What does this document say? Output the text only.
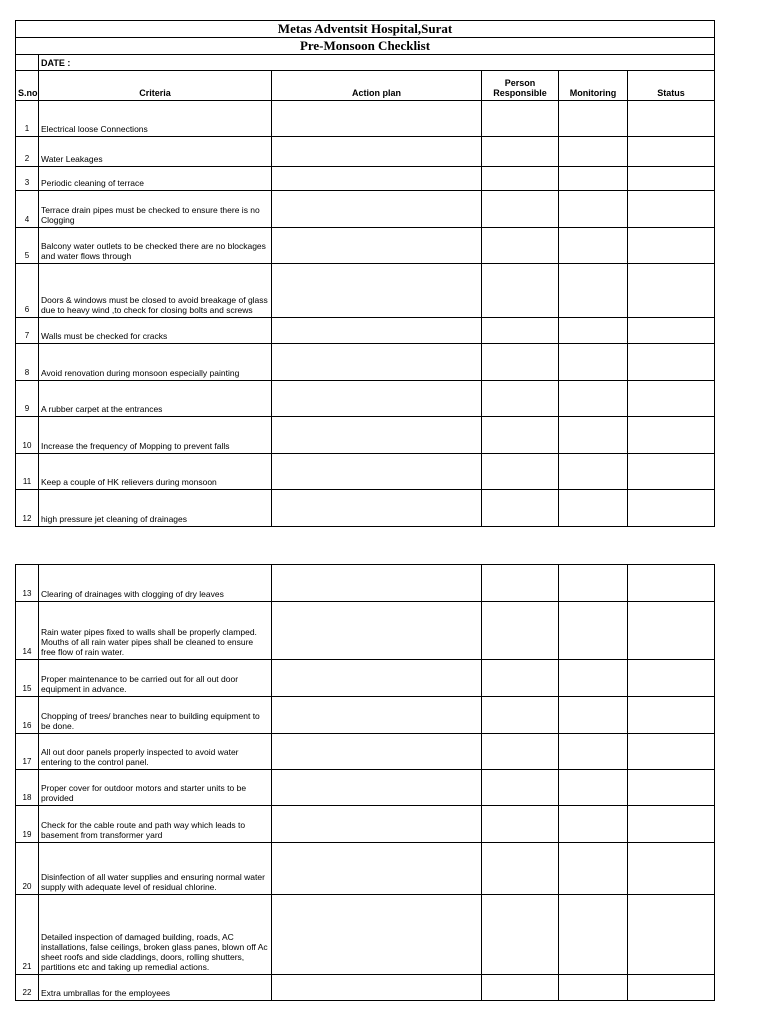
Metas Adventsit Hospital,Surat					
Pre-Monsoon Checklist					
	DATE :				
S.no	Criteria	Action plan	Person Responsible	Monitoring	Status
1	Electrical loose Connections				
2	Water Leakages				
3	Periodic cleaning of terrace				
4	Terrace drain pipes must be checked to ensure there is no Clogging				
5	Balcony water outlets to be checked there are no blockages and water flows through				
6	Doors & windows must be closed to avoid breakage of glass due to heavy wind ,to check for closing bolts and screws				
7	Walls must be checked for cracks				
8	Avoid renovation during monsoon especially painting				
9	A rubber carpet at the entrances				
10	Increase the frequency of Mopping to prevent falls				
11	Keep a couple of HK relievers during monsoon				
12	high pressure jet cleaning of drainages				
13	Clearing of drainages with clogging of dry leaves				
14	Rain water pipes fixed to walls shall be properly clamped. Mouths of all rain water pipes shall be cleaned to ensure free flow of rain water.				
15	Proper maintenance to be carried out for all out door equipment in advance.				
16	Chopping of trees/ branches near to building equipment to be done.				
17	All out door panels properly inspected to avoid water entering to the control panel.				
18	Proper cover for outdoor motors and starter units to be provided				
19	Check for the cable route and path way which leads to basement from transformer yard				
20	Disinfection of all water supplies and ensuring normal water supply with adequate level of residual chlorine.				
21	Detailed inspection of damaged building, roads, AC installations, false ceilings, broken glass panes, blown off Ac sheet roofs and side claddings, doors, rolling shutters, partitions etc and taking up remedial actions.				
22	Extra umbrallas for the employees				
